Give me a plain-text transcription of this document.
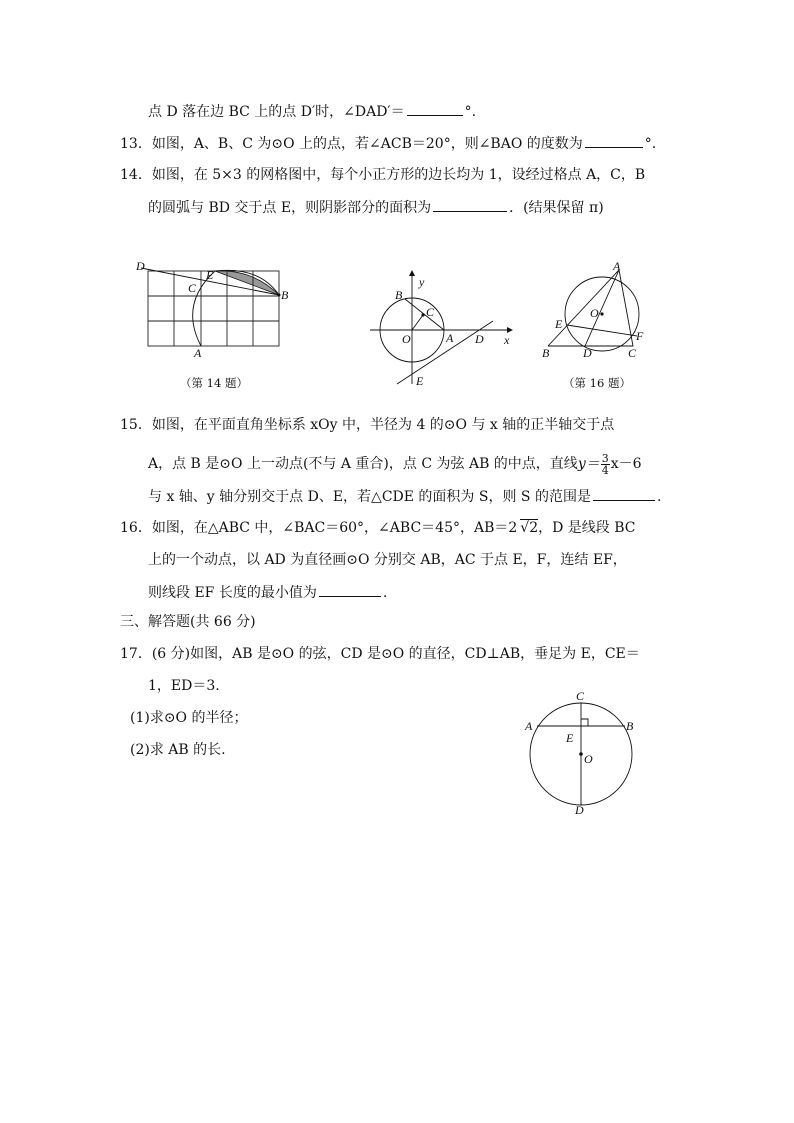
点 D 落在边 BC 上的点 D′时，∠DAD′＝	°.
13．如图，A、B、C 为⊙O 上的点，若∠ACB＝20°，则∠BAO 的度数为	°.
14．如图，在 5×3 的网格图中，每个小正方形的边长均为 1，设经过格点 A，C，B
的圆弧与 BD 交于点 E，则阴影部分的面积为	．(结果保留 π)
D
E
C	B
A
（第 14 题）
y
x
B
C
O	A D
E
A
E
O
F
B	D	C
（第 16 题）
15．如图，在平面直角坐标系 xOy 中，半径为 4 的⊙O 与 x 轴的正半轴交于点
A，点 B 是⊙O 上一动点(不与 A 重合)，点 C 为弦 AB 的中点，直线$y= \frac{3}{4} x-6$
与 x 轴、y 轴分别交于点 D、E，若△CDE 的面积为 S，则 S 的范围是	.
16．如图，在△ABC 中，∠BAC＝60°，∠ABC＝45°，AB＝2 √2，D 是线段 BC
上的一个动点，以 AD 为直径画⊙O 分别交 AB，AC 于点 E，F，连结 EF，
则线段 EF 长度的最小值为	.
三、解答题(共 66 分)
17．(6 分)如图，AB 是⊙O 的弦，CD 是⊙O 的直径，CD⊥AB，垂足为 E，CE＝
1，ED＝3.
(1)求⊙O 的半径；
(2)求 AB 的长.
C
A	B
E
O
D
